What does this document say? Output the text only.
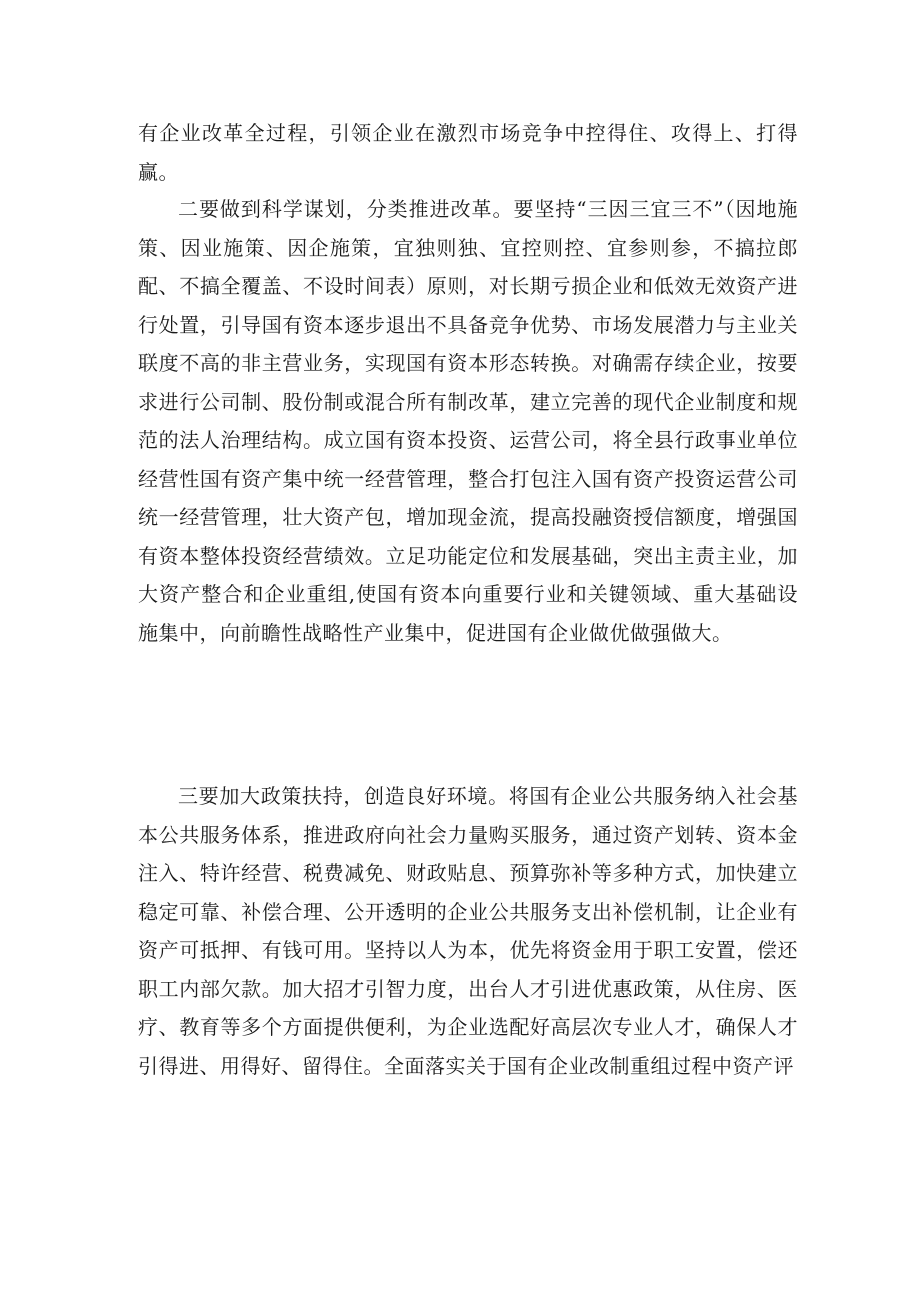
有企业改革全过程，引领企业在激烈市场竞争中控得住、攻得上、打得赢。

二要做到科学谋划，分类推进改革。要坚持“三因三宜三不”（因地施策、因业施策、因企施策，宜独则独、宜控则控、宜参则参，不搞拉郎配、不搞全覆盖、不设时间表）原则，对长期亏损企业和低效无效资产进行处置，引导国有资本逐步退出不具备竞争优势、市场发展潜力与主业关联度不高的非主营业务，实现国有资本形态转换。对确需存续企业，按要求进行公司制、股份制或混合所有制改革，建立完善的现代企业制度和规范的法人治理结构。成立国有资本投资、运营公司，将全县行政事业单位经营性国有资产集中统一经营管理，整合打包注入国有资产投资运营公司统一经营管理，壮大资产包，增加现金流，提高投融资授信额度，增强国有资本整体投资经营绩效。立足功能定位和发展基础，突出主责主业，加大资产整合和企业重组,使国有资本向重要行业和关键领域、重大基础设施集中，向前瞻性战略性产业集中，促进国有企业做优做强做大。

三要加大政策扶持，创造良好环境。将国有企业公共服务纳入社会基本公共服务体系，推进政府向社会力量购买服务，通过资产划转、资本金注入、特许经营、税费减免、财政贴息、预算弥补等多种方式，加快建立稳定可靠、补偿合理、公开透明的企业公共服务支出补偿机制，让企业有资产可抵押、有钱可用。坚持以人为本，优先将资金用于职工安置，偿还职工内部欠款。加大招才引智力度，出台人才引进优惠政策，从住房、医疗、教育等多个方面提供便利，为企业选配好高层次专业人才，确保人才引得进、用得好、留得住。全面落实关于国有企业改制重组过程中资产评
